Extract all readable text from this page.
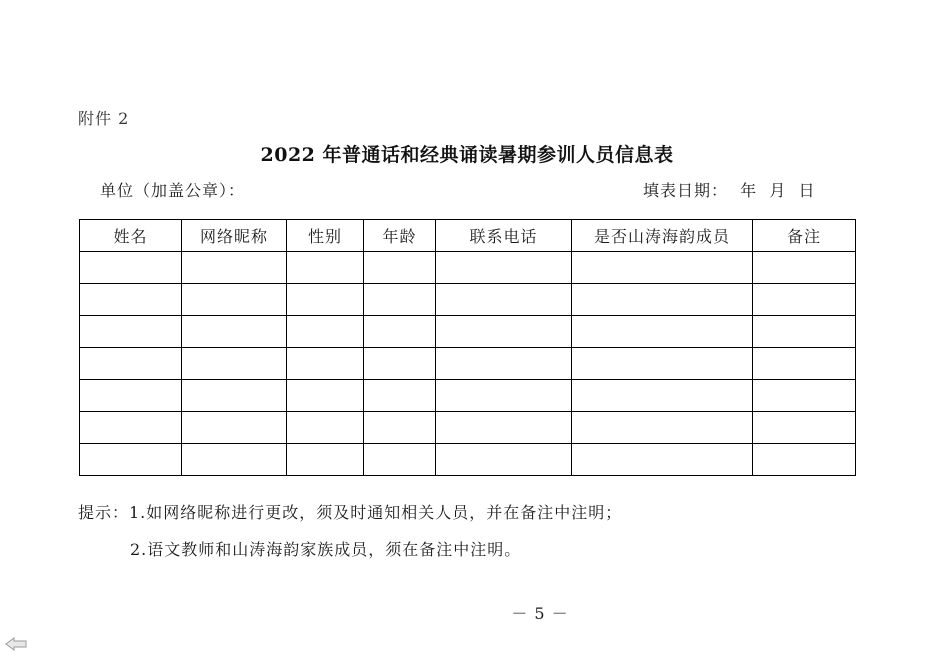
附件 2
2022 年普通话和经典诵读暑期参训人员信息表
单位（加盖公章）：	填表日期：  年  月  日
姓名	网络昵称	性别	年龄	联系电话	是否山涛海韵成员	备注

提示：1.如网络昵称进行更改，须及时通知相关人员，并在备注中注明；
2.语文教师和山涛海韵家族成员，须在备注中注明。
－ 5 －
